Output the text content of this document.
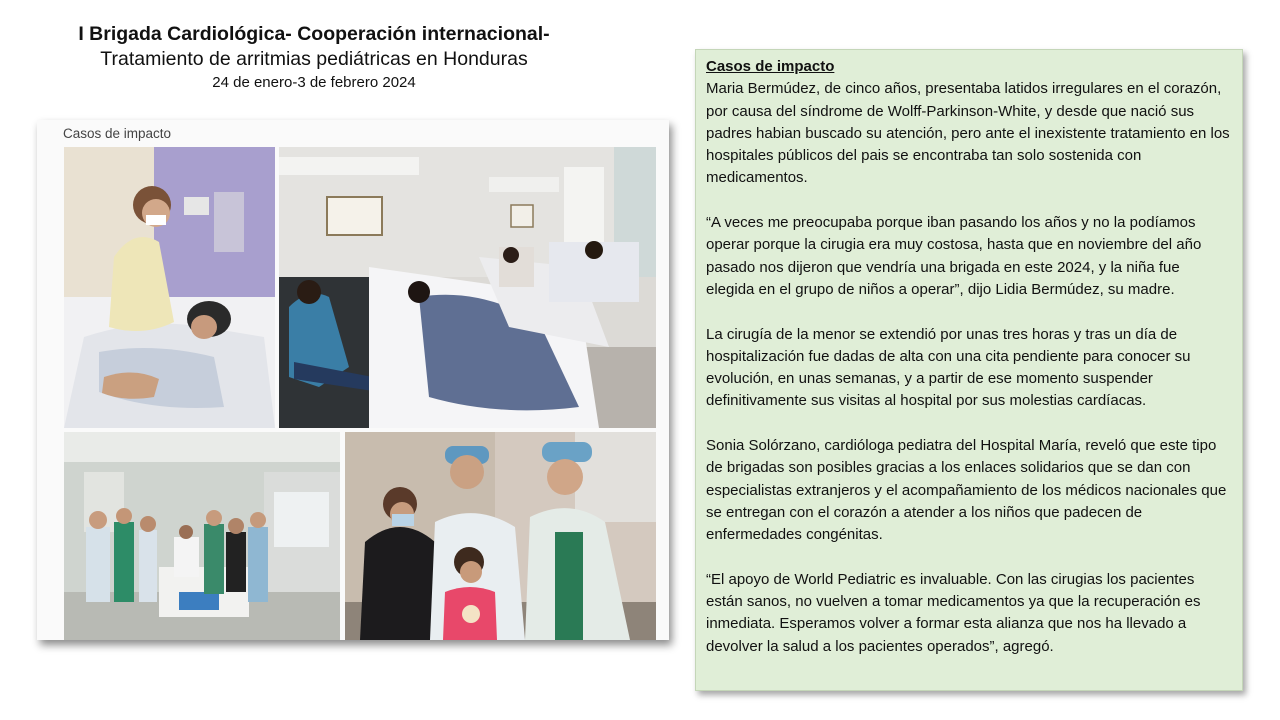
I Brigada Cardiológica- Cooperación internacional-
Tratamiento de arritmias pediátricas en Honduras
24 de enero-3 de febrero 2024
Casos de impacto
Casos de impacto

Maria Bermúdez, de cinco años, presentaba latidos irregulares en el corazón, por causa del síndrome de Wolff-Parkinson-White, y desde que nació sus padres habian buscado su atención, pero ante el inexistente tratamiento en los hospitales públicos del pais se encontraba tan solo sostenida con medicamentos.

“A veces me preocupaba porque iban pasando los años y no la podíamos operar porque la cirugia era muy costosa, hasta que en noviembre del año pasado nos dijeron que vendría una brigada en este 2024, y la niña fue elegida en el grupo de niños a operar”, dijo Lidia Bermúdez, su madre.

La cirugía de la menor se extendió por unas tres horas y tras un día de hospitalización fue dadas de alta con una cita pendiente para conocer su evolución, en unas semanas, y a partir de ese momento suspender definitivamente sus visitas al hospital por sus molestias cardíacas.

Sonia Solórzano, cardióloga pediatra del Hospital María, reveló que este tipo de brigadas son posibles gracias a los enlaces solidarios que se dan con especialistas extranjeros y el acompañamiento de los médicos nacionales que se entregan con el corazón a atender a los niños que padecen de enfermedades congénitas.

“El apoyo de World Pediatric es invaluable. Con las cirugias los pacientes están sanos, no vuelven a tomar medicamentos ya que la recuperación es inmediata. Esperamos volver a formar esta alianza que nos ha llevado a devolver la salud a los pacientes operados”, agregó.
